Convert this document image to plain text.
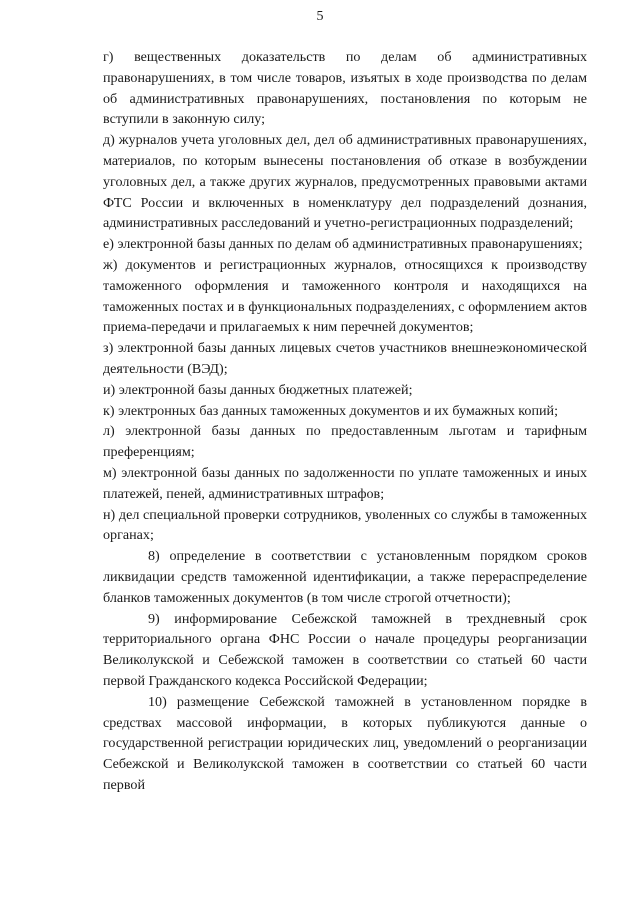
5

г) вещественных доказательств по делам об административных правонарушениях, в том числе товаров, изъятых в ходе производства по делам об административных правонарушениях, постановления по которым не вступили в законную силу;

д) журналов учета уголовных дел, дел об административных правонарушениях, материалов, по которым вынесены постановления об отказе в возбуждении уголовных дел, а также других журналов, предусмотренных правовыми актами ФТС России и включенных в номенклатуру дел подразделений дознания, административных расследований и учетно-регистрационных подразделений;

е) электронной базы данных по делам об административных правонарушениях;

ж) документов и регистрационных журналов, относящихся к производству таможенного оформления и таможенного контроля и находящихся на таможенных постах и в функциональных подразделениях, с оформлением актов приема-передачи и прилагаемых к ним перечней документов;

з) электронной базы данных лицевых счетов участников внешнеэкономической деятельности (ВЭД);

и) электронной базы данных бюджетных платежей;

к) электронных баз данных таможенных документов и их бумажных копий;

л) электронной базы данных по предоставленным льготам и тарифным преференциям;

м) электронной базы данных по задолженности по уплате таможенных и иных платежей, пеней, административных штрафов;

н) дел специальной проверки сотрудников, уволенных со службы в таможенных органах;

8) определение в соответствии с установленным порядком сроков ликвидации средств таможенной идентификации, а также перераспределение бланков таможенных документов (в том числе строгой отчетности);

9) информирование Себежской таможней в трехдневный срок территориального органа ФНС России о начале процедуры реорганизации Великолукской и Себежской таможен в соответствии со статьей 60 части первой Гражданского кодекса Российской Федерации;

10) размещение Себежской таможней в установленном порядке в средствах массовой информации, в которых публикуются данные о государственной регистрации юридических лиц, уведомлений о реорганизации Себежской и Великолукской таможен в соответствии со статьей 60 части первой
